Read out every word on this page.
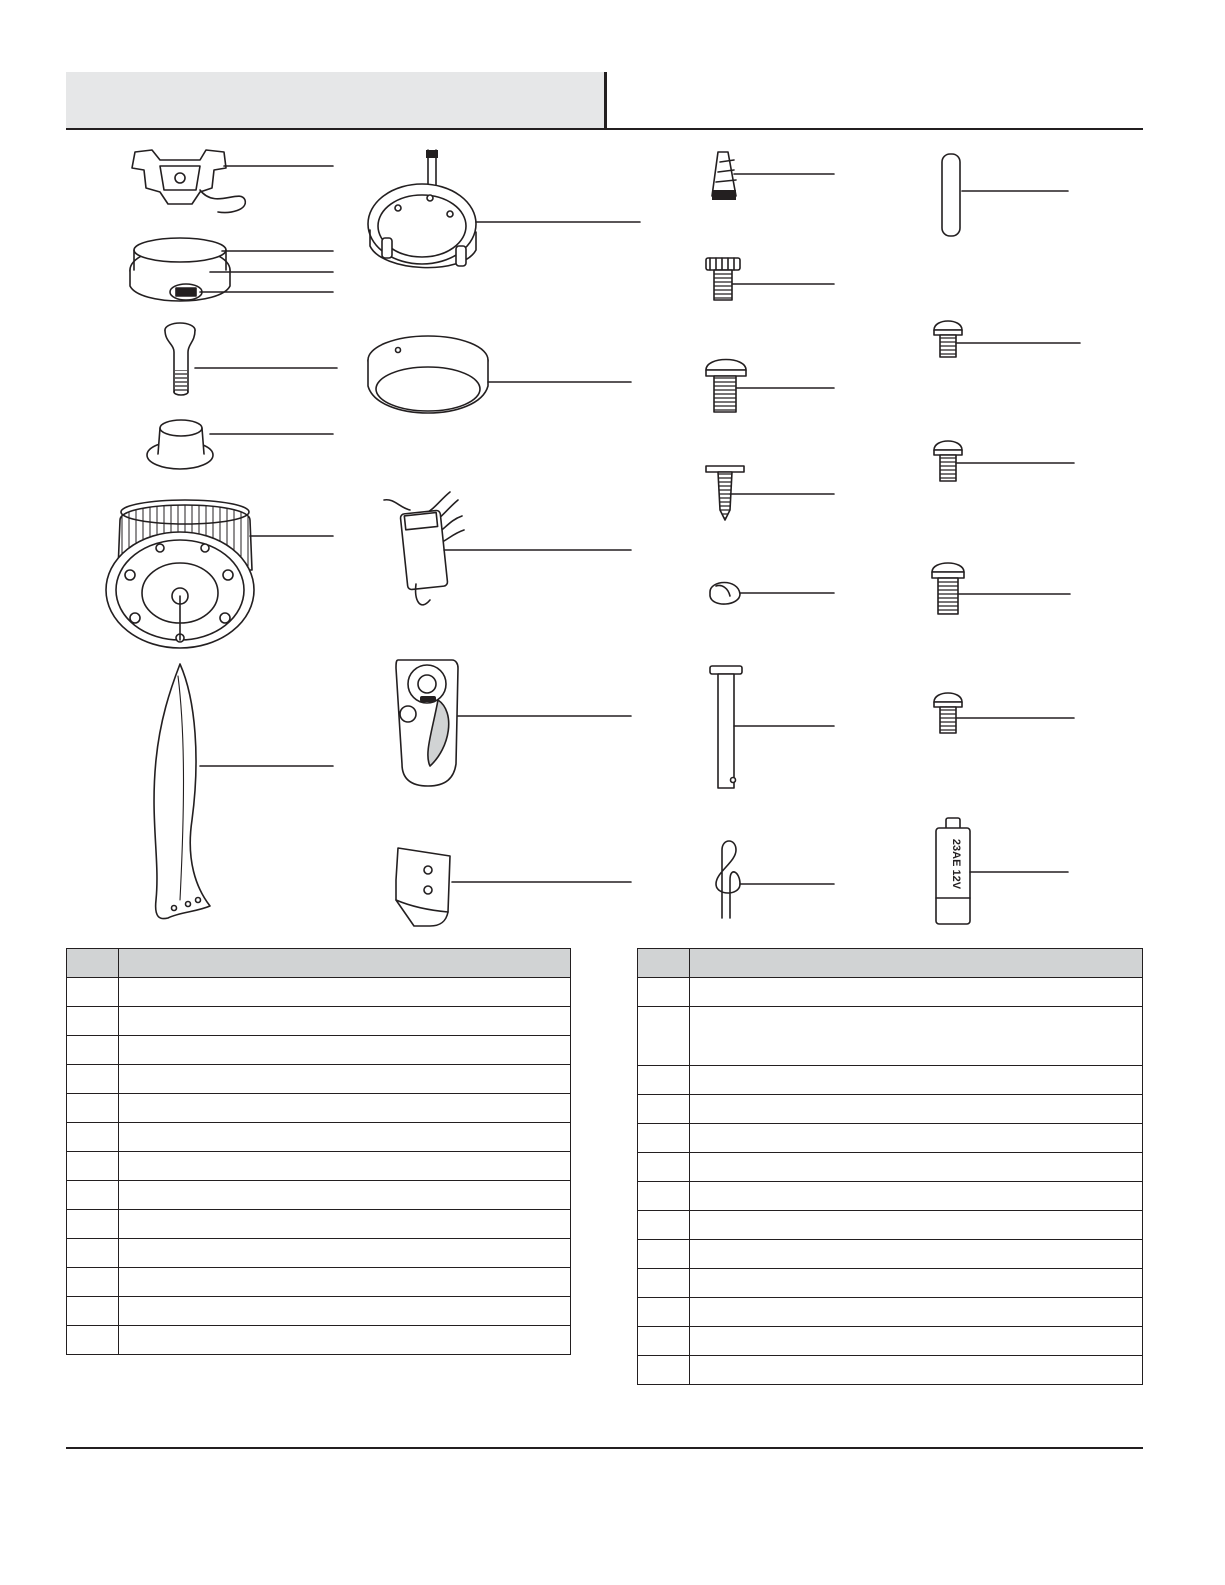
23AE 12V
